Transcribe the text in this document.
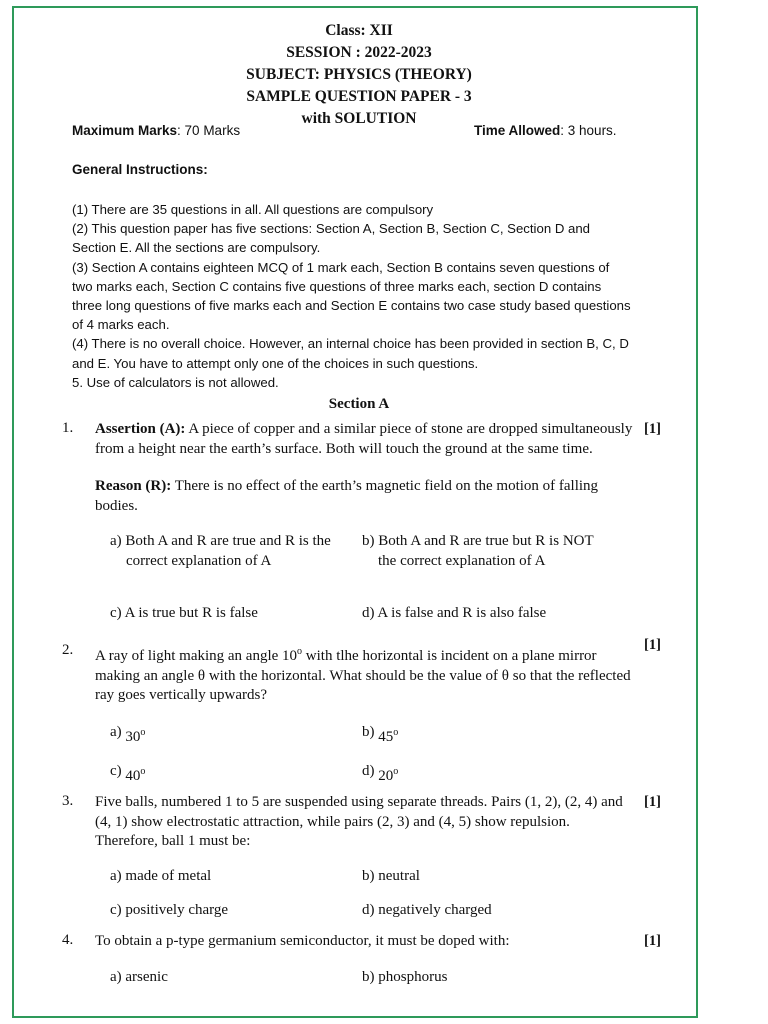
Class: XII
SESSION : 2022-2023
SUBJECT: PHYSICS (THEORY)
SAMPLE QUESTION PAPER - 3
with SOLUTION
Maximum Marks: 70 Marks	Time Allowed: 3 hours.
General Instructions:

(1) There are 35 questions in all. All questions are compulsory

(2) This question paper has five sections: Section A, Section B, Section C, Section D and Section E. All the sections are compulsory.

(3) Section A contains eighteen MCQ of 1 mark each, Section B contains seven questions of two marks each, Section C contains five questions of three marks each, section D contains three long questions of five marks each and Section E contains two case study based questions of 4 marks each.

(4) There is no overall choice. However, an internal choice has been provided in section B, C, D and E. You have to attempt only one of the choices in such questions.

5. Use of calculators is not allowed.

Section A
1. Assertion (A): A piece of copper and a similar piece of stone are dropped simultaneously from a height near the earth’s surface. Both will touch the ground at the same time.
Reason (R): There is no effect of the earth’s magnetic field on the motion of falling bodies.
[1]
a) Both A and R are true and R is the correct explanation of A
b) Both A and R are true but R is NOT the correct explanation of A
c) A is true but R is false	d) A is false and R is also false
2. A ray of light making an angle 10$^o$ with tlhe horizontal is incident on a plane mirror making an angle θ with the horizontal. What should be the value of θ so that the reflected ray goes vertically upwards?
[1]
a) 30$^o$	b) 45$^o$
c) 40$^o$	d) 20$^o$
3. Five balls, numbered 1 to 5 are suspended using separate threads. Pairs (1, 2), (2, 4) and (4, 1) show electrostatic attraction, while pairs (2, 3) and (4, 5) show repulsion. Therefore, ball 1 must be:
[1]
a) made of metal	b) neutral
c) positively charge	d) negatively charged
4. To obtain a p-type germanium semiconductor, it must be doped with:	[1]
a) arsenic	b) phosphorus
